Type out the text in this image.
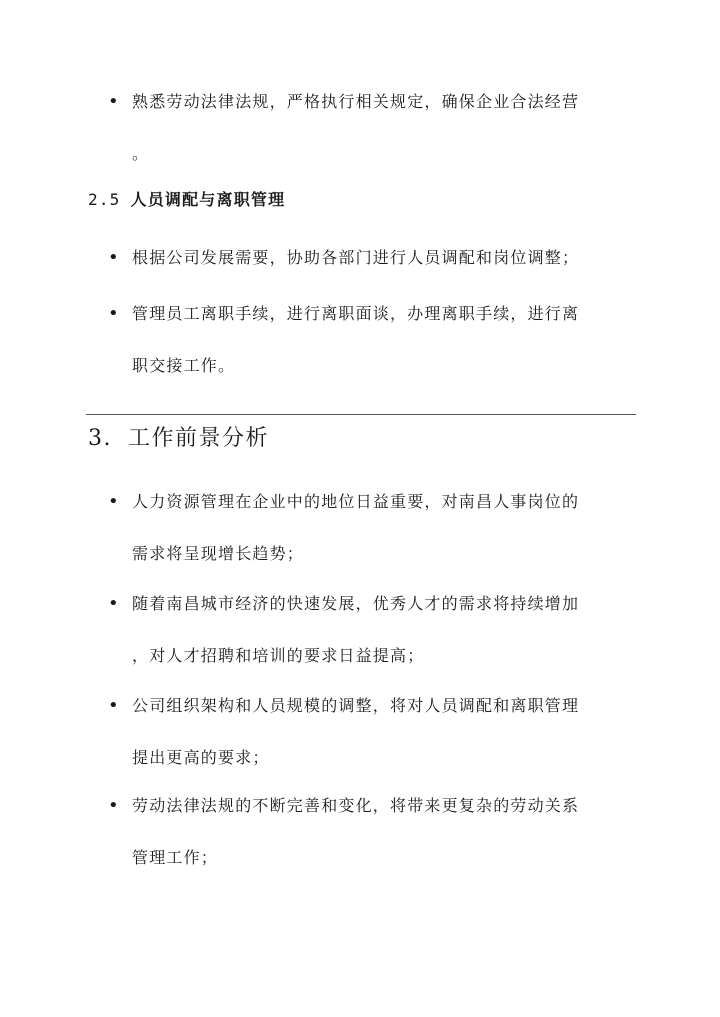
• 熟悉劳动法律法规，严格执行相关规定，确保企业合法经营
。
2.5 人员调配与离职管理
• 根据公司发展需要，协助各部门进行人员调配和岗位调整；
• 管理员工离职手续，进行离职面谈，办理离职手续，进行离
职交接工作。
3. 工作前景分析
• 人力资源管理在企业中的地位日益重要，对南昌人事岗位的
需求将呈现增长趋势；
• 随着南昌城市经济的快速发展，优秀人才的需求将持续增加
，对人才招聘和培训的要求日益提高；
• 公司组织架构和人员规模的调整，将对人员调配和离职管理
提出更高的要求；
• 劳动法律法规的不断完善和变化，将带来更复杂的劳动关系
管理工作；
